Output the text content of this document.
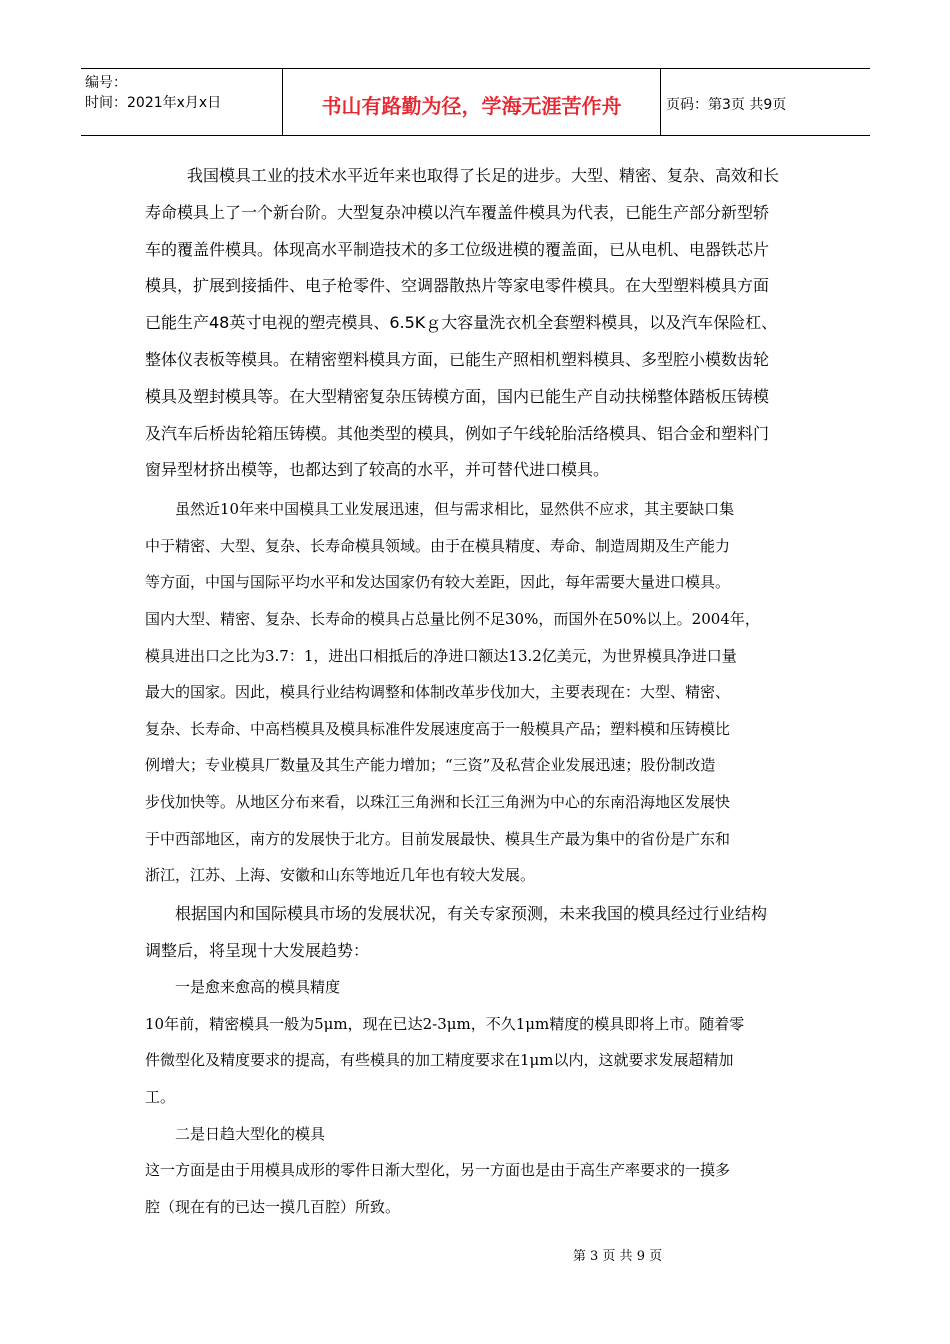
编号：
时间：2021年x月x日	书山有路勤为径，学海无涯苦作舟	页码：第3页 共9页
我国模具工业的技术水平近年来也取得了长足的进步。大型、精密、复杂、高效和长
寿命模具上了一个新台阶。大型复杂冲模以汽车覆盖件模具为代表，已能生产部分新型轿
车的覆盖件模具。体现高水平制造技术的多工位级进模的覆盖面，已从电机、电器铁芯片
模具，扩展到接插件、电子枪零件、空调器散热片等家电零件模具。在大型塑料模具方面
已能生产48英寸电视的塑壳模具、6.5Kｇ大容量洗衣机全套塑料模具，以及汽车保险杠、
整体仪表板等模具。在精密塑料模具方面，已能生产照相机塑料模具、多型腔小模数齿轮
模具及塑封模具等。在大型精密复杂压铸模方面，国内已能生产自动扶梯整体踏板压铸模
及汽车后桥齿轮箱压铸模。其他类型的模具，例如子午线轮胎活络模具、铝合金和塑料门
窗异型材挤出模等，也都达到了较高的水平，并可替代进口模具。
虽然近10年来中国模具工业发展迅速，但与需求相比，显然供不应求，其主要缺口集
中于精密、大型、复杂、长寿命模具领域。由于在模具精度、寿命、制造周期及生产能力
等方面，中国与国际平均水平和发达国家仍有较大差距，因此，每年需要大量进口模具。
国内大型、精密、复杂、长寿命的模具占总量比例不足30%，而国外在50%以上。2004年，
模具进出口之比为3.7：1，进出口相抵后的净进口额达13.2亿美元，为世界模具净进口量
最大的国家。因此，模具行业结构调整和体制改革步伐加大，主要表现在：大型、精密、
复杂、长寿命、中高档模具及模具标准件发展速度高于一般模具产品；塑料模和压铸模比
例增大；专业模具厂数量及其生产能力增加；“三资”及私营企业发展迅速；股份制改造
步伐加快等。从地区分布来看，以珠江三角洲和长江三角洲为中心的东南沿海地区发展快
于中西部地区，南方的发展快于北方。目前发展最快、模具生产最为集中的省份是广东和
浙江，江苏、上海、安徽和山东等地近几年也有较大发展。
根据国内和国际模具市场的发展状况，有关专家预测，未来我国的模具经过行业结构
调整后，将呈现十大发展趋势：
一是愈来愈高的模具精度
10年前，精密模具一般为5μm，现在已达2-3μm，不久1μm精度的模具即将上市。随着零
件微型化及精度要求的提高，有些模具的加工精度要求在1μm以内，这就要求发展超精加
工。
二是日趋大型化的模具
这一方面是由于用模具成形的零件日渐大型化，另一方面也是由于高生产率要求的一摸多
腔（现在有的已达一摸几百腔）所致。
第 3 页 共 9 页
